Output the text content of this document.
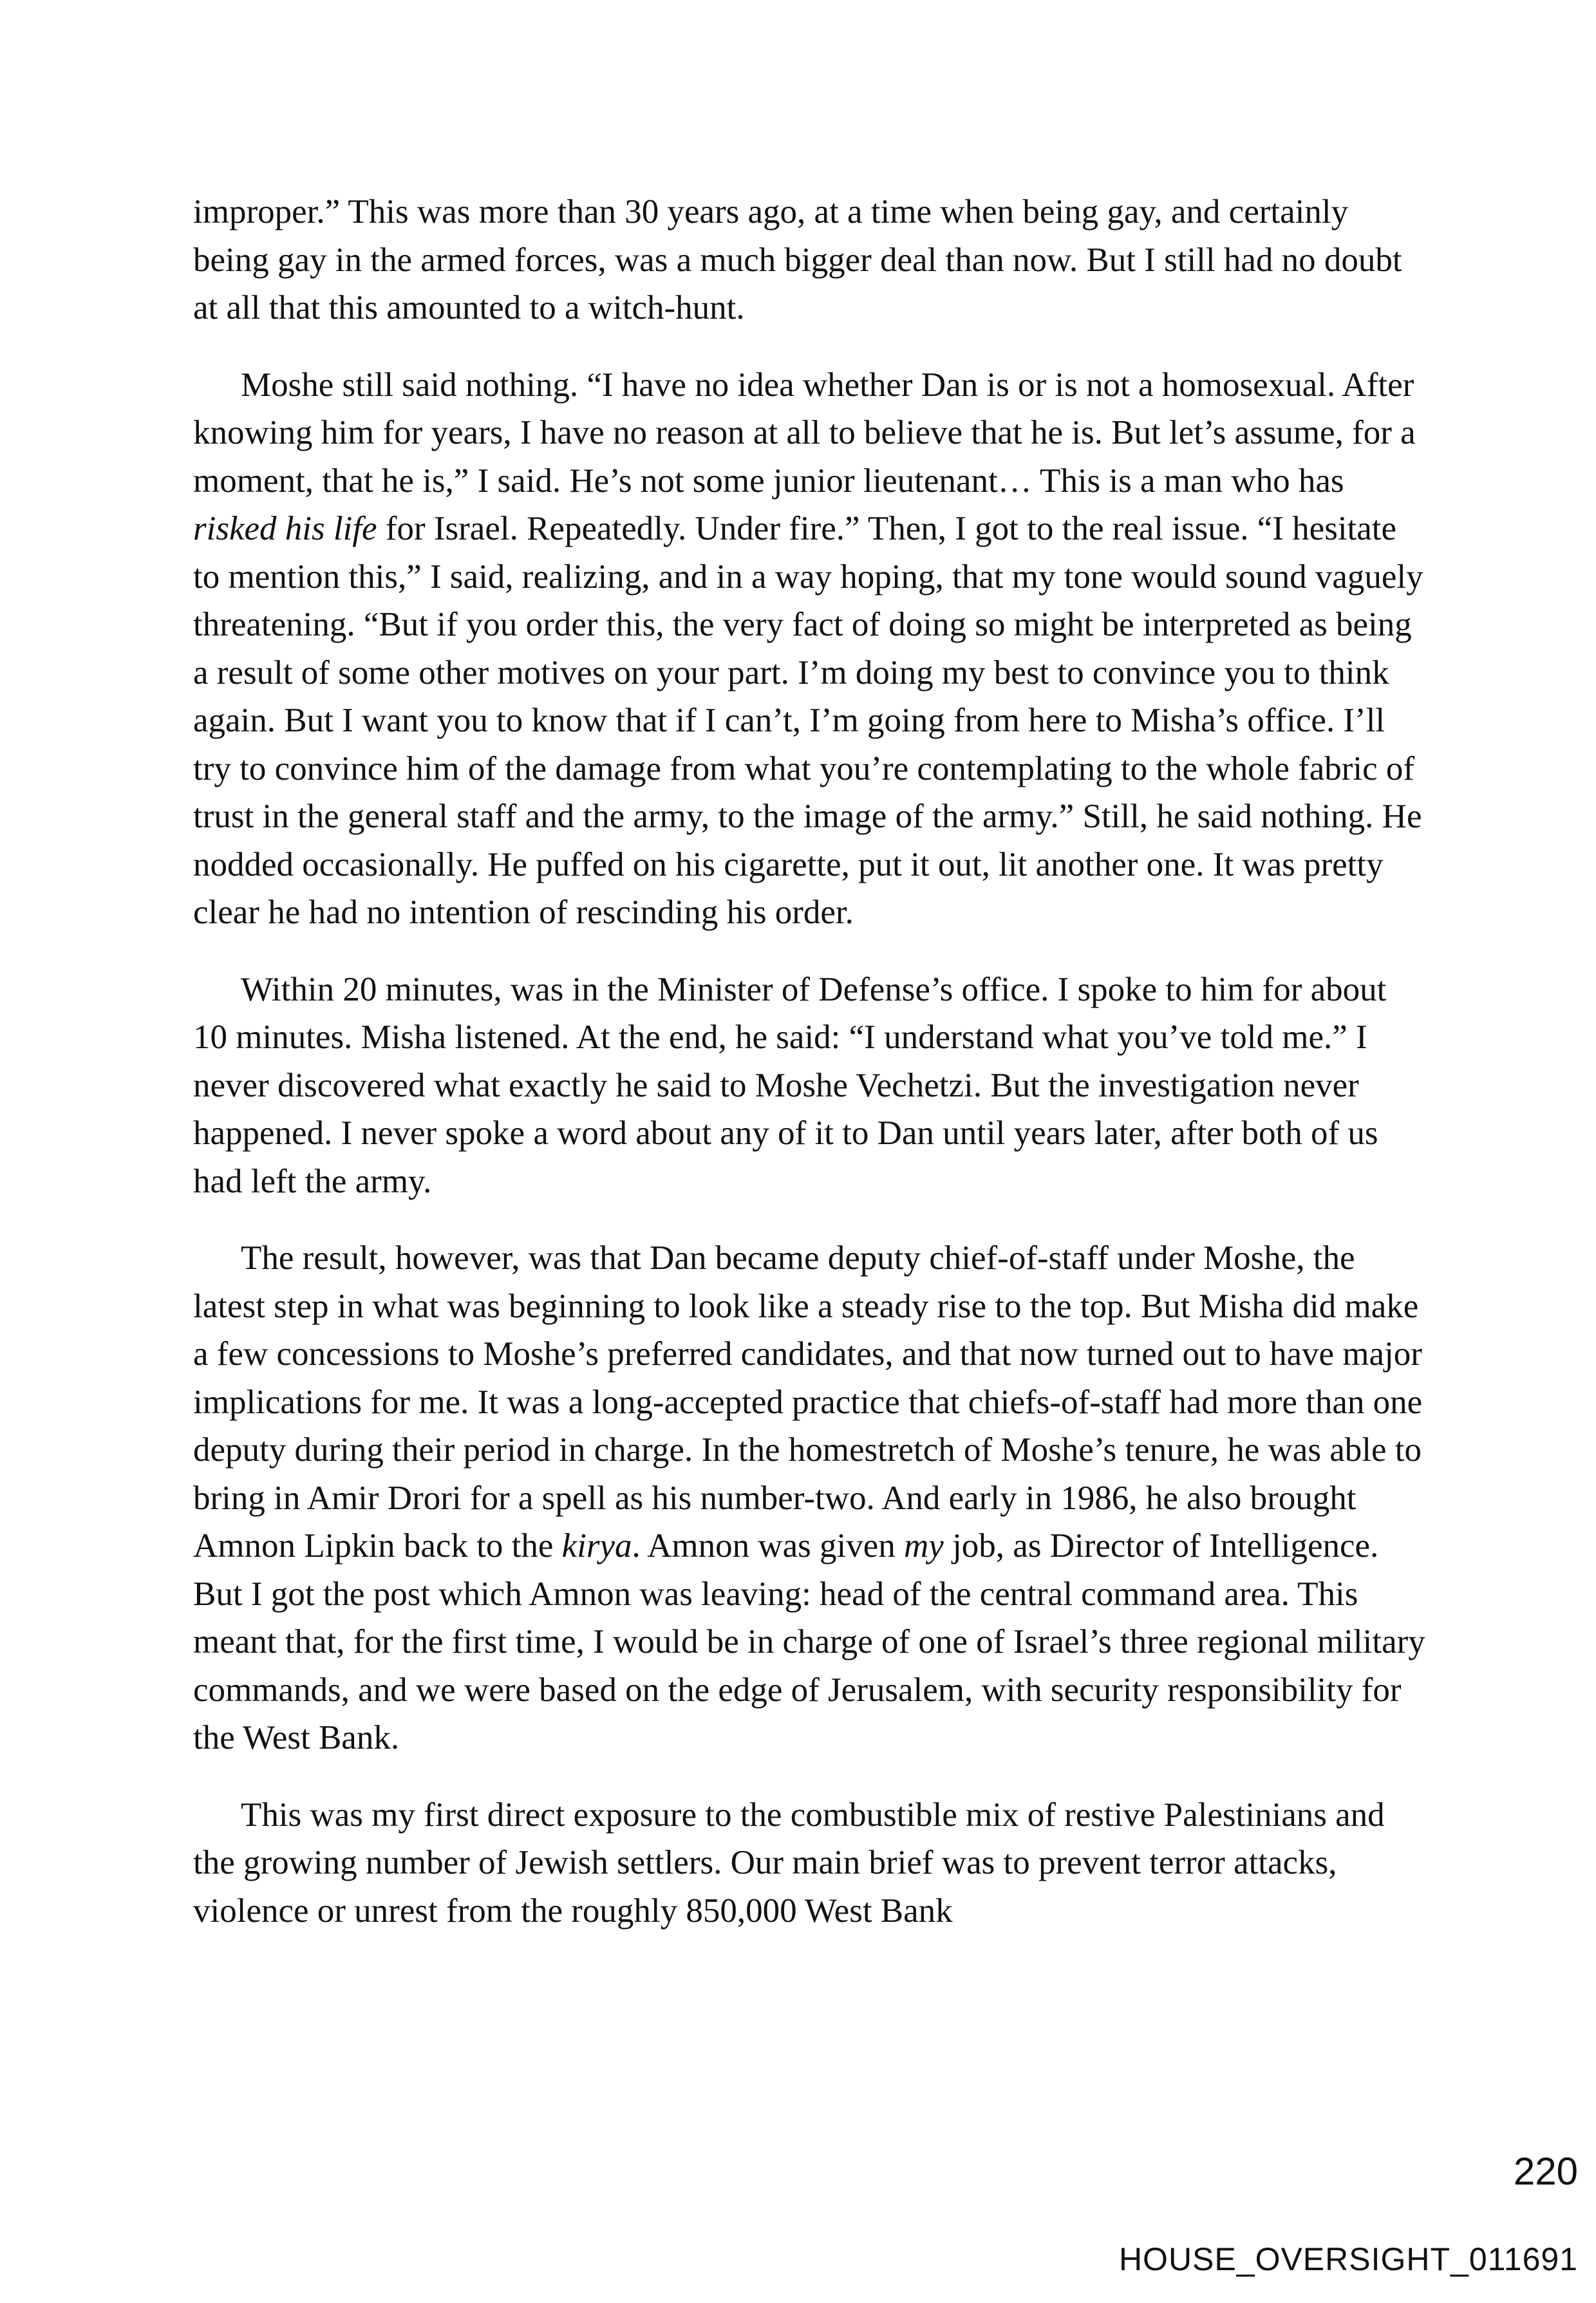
improper.” This was more than 30 years ago, at a time when being gay, and certainly being gay in the armed forces, was a much bigger deal than now. But I still had no doubt at all that this amounted to a witch-hunt.

Moshe still said nothing. “I have no idea whether Dan is or is not a homosexual. After knowing him for years, I have no reason at all to believe that he is. But let’s assume, for a moment, that he is,” I said. He’s not some junior lieutenant… This is a man who has risked his life for Israel. Repeatedly. Under fire.” Then, I got to the real issue. “I hesitate to mention this,” I said, realizing, and in a way hoping, that my tone would sound vaguely threatening. “But if you order this, the very fact of doing so might be interpreted as being a result of some other motives on your part. I’m doing my best to convince you to think again. But I want you to know that if I can’t, I’m going from here to Misha’s office. I’ll try to convince him of the damage from what you’re contemplating to the whole fabric of trust in the general staff and the army, to the image of the army.” Still, he said nothing. He nodded occasionally. He puffed on his cigarette, put it out, lit another one. It was pretty clear he had no intention of rescinding his order.

Within 20 minutes, was in the Minister of Defense’s office. I spoke to him for about 10 minutes. Misha listened. At the end, he said: “I understand what you’ve told me.” I never discovered what exactly he said to Moshe Vechetzi. But the investigation never happened. I never spoke a word about any of it to Dan until years later, after both of us had left the army.

The result, however, was that Dan became deputy chief-of-staff under Moshe, the latest step in what was beginning to look like a steady rise to the top. But Misha did make a few concessions to Moshe’s preferred candidates, and that now turned out to have major implications for me. It was a long-accepted practice that chiefs-of-staff had more than one deputy during their period in charge. In the homestretch of Moshe’s tenure, he was able to bring in Amir Drori for a spell as his number-two. And early in 1986, he also brought Amnon Lipkin back to the kirya. Amnon was given my job, as Director of Intelligence. But I got the post which Amnon was leaving: head of the central command area. This meant that, for the first time, I would be in charge of one of Israel’s three regional military commands, and we were based on the edge of Jerusalem, with security responsibility for the West Bank.

This was my first direct exposure to the combustible mix of restive Palestinians and the growing number of Jewish settlers. Our main brief was to prevent terror attacks, violence or unrest from the roughly 850,000 West Bank

220
HOUSE_OVERSIGHT_011691
